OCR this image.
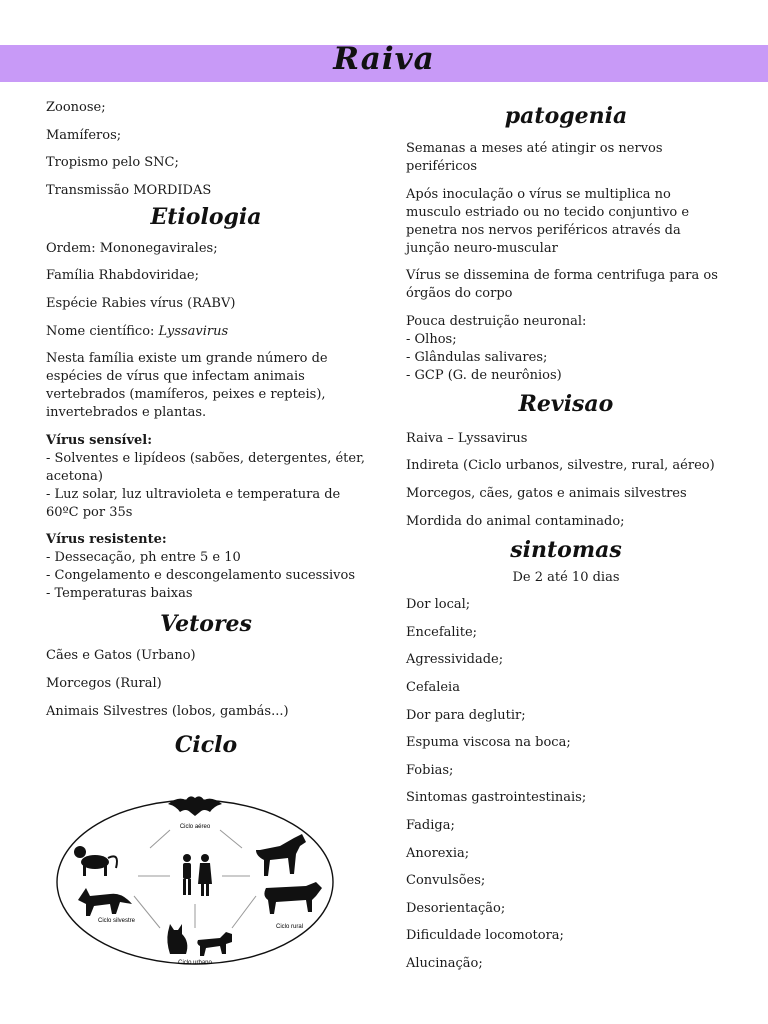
Raiva

Zoonose;

Mamíferos;

Tropismo pelo SNC;

Transmissão MORDIDAS

Etiologia

Ordem: Mononegavirales;

Família Rhabdoviridae;

Espécie Rabies vírus (RABV)

Nome científico: Lyssavirus

Nesta família existe um grande número de espécies de vírus que infectam animais vertebrados (mamíferos, peixes e repteis), invertebrados e plantas.

Vírus sensível:
- Solventes e lipídeos (sabões, detergentes, éter, acetona)
- Luz solar, luz ultravioleta e temperatura de 60ºC por 35s

Vírus resistente:
- Dessecação, ph entre 5 e 10
- Congelamento e descongelamento sucessivos
- Temperaturas baixas

Vetores

Cães e Gatos (Urbano)

Morcegos (Rural)

Animais Silvestres (lobos, gambás...)

Ciclo
Ciclo aéreo
Ciclo silvestre
Ciclo rural
Ciclo urbano
patogenia

Semanas a meses até atingir os nervos periféricos

Após inoculação o vírus se multiplica no musculo estriado ou no tecido conjuntivo e penetra nos nervos periféricos através da junção neuro-muscular

Vírus se dissemina de forma centrifuga para os órgãos do corpo

Pouca destruição neuronal:
- Olhos;
- Glândulas salivares;
- GCP (G. de neurônios)

Revisao

Raiva – Lyssavirus

Indireta (Ciclo urbanos, silvestre, rural, aéreo)

Morcegos, cães, gatos e animais silvestres

Mordida do animal contaminado;

sintomas

De 2 até 10 dias

Dor local;

Encefalite;

Agressividade;

Cefaleia

Dor para deglutir;

Espuma viscosa na boca;

Fobias;

Sintomas gastrointestinais;

Fadiga;

Anorexia;

Convulsões;

Desorientação;

Dificuldade locomotora;

Alucinação;
